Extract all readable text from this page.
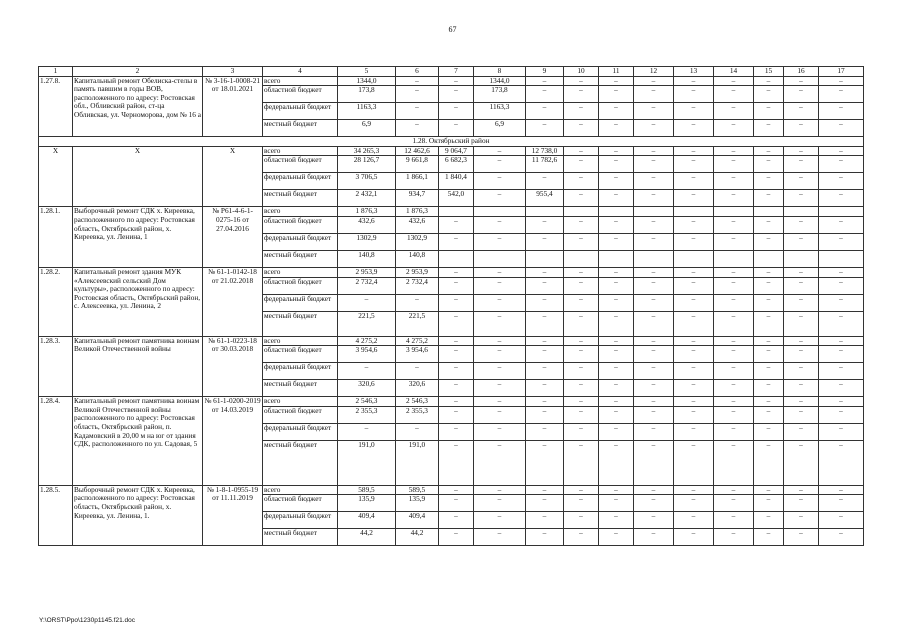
67
1	2	3	4	5	6	7	8	9	10	11	12	13	14	15	16	17
1.27.8.	Капитальный ремонт Обелиска-стелы в память павшим в годы ВОВ, расположенного по адресу: Ростовская обл., Обливский район, ст-ца Обливская, ул. Черноморова, дом № 16 а	№ 3-16-1-0008-21 от 18.01.2021	всего	1344,0	–	–	1344,0	–	–	–	–	–	–	–	–	–
			областной бюджет	173,8	–	–	173,8	–	–	–	–	–	–	–	–	–
			федеральный бюджет	1163,3	–	–	1163,3	–	–	–	–	–	–	–	–	–
			местный бюджет	6,9	–	–	6,9	–	–	–	–	–	–	–	–	–
1.28. Октябрьский район																
X	X	X	всего	34 265,3	12 462,6	9 064,7	–	12 738,0	–	–	–	–	–	–	–	–
			областной бюджет	28 126,7	9 661,8	6 682,3	–	11 782,6	–	–	–	–	–	–	–	–
			федеральный бюджет	3 706,5	1 866,1	1 840,4	–	–	–	–	–	–	–	–	–	–
			местный бюджет	2 432,1	934,7	542,0	–	955,4	–	–	–	–	–	–	–	–
1.28.1.	Выборочный ремонт СДК х. Киреевка, расположенного по адресу: Ростовская область, Октябрьский район, х. Киреевка, ул. Ленина, 1	№ Р61-4-6-1-0275-16 от 27.04.2016	всего	1 876,3	1 876,3											
			областной бюджет	432,6	432,6	–	–	–	–	–	–	–	–	–	–	–
			федеральный бюджет	1302,9	1302,9	–	–	–	–	–	–	–	–	–	–	–
			местный бюджет	140,8	140,8											
1.28.2.	Капитальный ремонт здания МУК «Алексеевский сельский Дом культуры», расположенного по адресу: Ростовская область, Октябрьский район, с. Алексеевка, ул. Ленина, 2	№ 61-1-0142-18 от 21.02.2018	всего	2 953,9	2 953,9	–	–	–	–	–	–	–	–	–	–	–
			областной бюджет	2 732,4	2 732,4	–	–	–	–	–	–	–	–	–	–	–
			федеральный бюджет	–	–	–	–	–	–	–	–	–	–	–	–	–
			местный бюджет	221,5	221,5	–	–	–	–	–	–	–	–	–	–	–
1.28.3.	Капитальный ремонт памятника воинам Великой Отечественной войны	№ 61-1-0223-18 от 30.03.2018	всего	4 275,2	4 275,2	–	–	–	–	–	–	–	–	–	–	–
			областной бюджет	3 954,6	3 954,6	–	–	–	–	–	–	–	–	–	–	–
			федеральный бюджет	–	–	–	–	–	–	–	–	–	–	–	–	–
			местный бюджет	320,6	320,6	–	–	–	–	–	–	–	–	–	–	–
1.28.4.	Капитальный ремонт памятника воинам Великой Отечественной войны расположенного по адресу: Ростовская область, Октябрьский район, п. Кадамовский в 20,00 м на юг от здания СДК, расположенного по ул. Садовая, 5	№ 61-1-0200-2019 от 14.03.2019	всего	2 546,3	2 546,3	–	–	–	–	–	–	–	–	–	–	–
			областной бюджет	2 355,3	2 355,3	–	–	–	–	–	–	–	–	–	–	–
			федеральный бюджет	–	–	–	–	–	–	–	–	–	–	–	–	–
			местный бюджет	191,0	191,0	–	–	–	–	–	–	–	–	–	–	–
1.28.5.	Выборочный ремонт СДК х. Киреевка, расположенного по адресу: Ростовская область, Октябрьский район, х. Киреевка, ул. Ленина, 1.	№ 1-8-1-0955-19 от 11.11.2019	всего	589,5	589,5	–	–	–	–	–	–	–	–	–	–	–
			областной бюджет	135,9	135,9	–	–	–	–	–	–	–	–	–	–	–
			федеральный бюджет	409,4	409,4	–	–	–	–	–	–	–	–	–	–	–
			местный бюджет	44,2	44,2	–	–	–	–	–	–	–	–	–	–	–
Y:\ORST\Ppo\1230p1145.f21.doc
